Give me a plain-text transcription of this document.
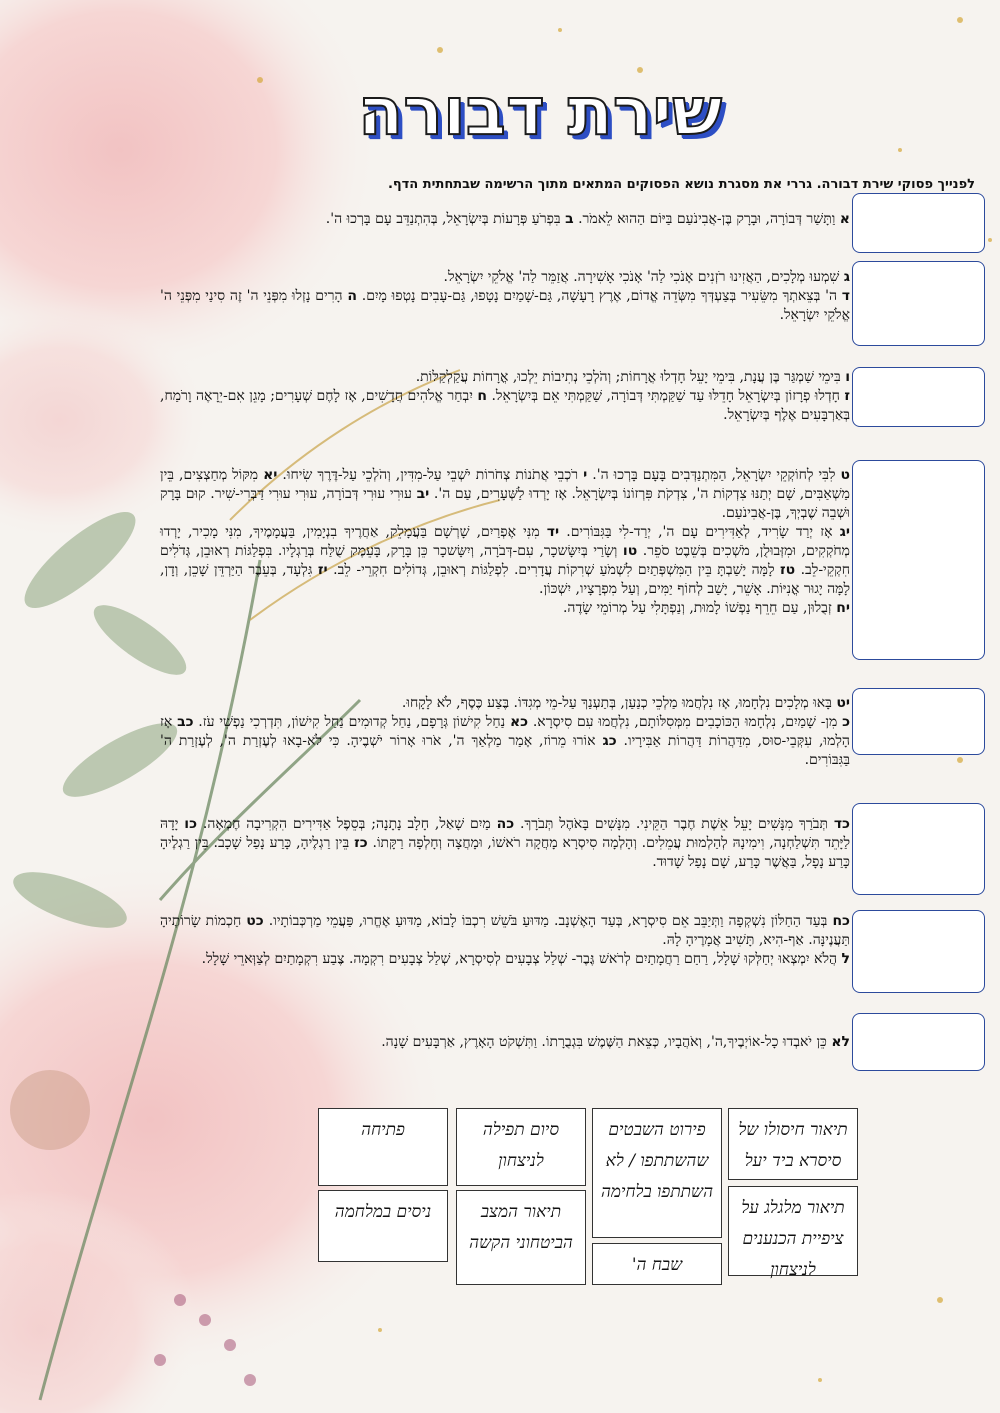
שירת דבורה
לפנייך פסוקי שירת דבורה. גררי את מסגרת נושא הפסוקים המתאים מתוך הרשימה שבתחתית הדף.
א וַתָּשַׁר דְּבוֹרָה, וּבָרָק בֶּן-אֲבִינֹעַם בַּיּוֹם הַהוּא לֵאמֹר. ב בִּפְרֹעַ פְּרָעוֹת בְּיִשְׂרָאֵל, בְּהִתְנַדֵּב עָם בָּרְכוּ ה'.
ג שִׁמְעוּ מְלָכִים, הַאֲזִינוּ רֹזְנִים אָנֹכִי לַה' אָנֹכִי אָשִׁירָה. אֲזַמֵּר לַה' אֱלֹקֵי יִשְׂרָאֵל.
ד ה' בְּצֵאתְךָ מִשֵּׂעִיר בְּצַעְדְּךָ מִשְּׂדֵה אֱדוֹם, אֶרֶץ רָעָשָׁה, גַּם-שָׁמַיִם נָטָפוּ, גַּם-עָבִים נָטְפוּ מָיִם. ה הָרִים נָזְלוּ מִפְּנֵי ה' זֶה סִינַי מִפְּנֵי ה' אֱלֹקֵי יִשְׂרָאֵל.
ו בִּימֵי שַׁמְגַּר בֶּן עֲנָת, בִּימֵי יָעֵל חָדְלוּ אֳרָחוֹת; וְהֹלְכֵי נְתִיבוֹת יֵלְכוּ, אֳרָחוֹת עֲקַלְקַלּוֹת.
ז חָדְלוּ פְרָזוֹן בְּיִשְׂרָאֵל חָדֵלּוּ עַד שַׁקַּמְתִּי דְּבוֹרָה, שַׁקַּמְתִּי אֵם בְּיִשְׂרָאֵל. ח יִבְחַר אֱלֹהִים חֲדָשִׁים, אָז לָחֶם שְׁעָרִים; מָגֵן אִם-יֵרָאֶה וָרֹמַח, בְּאַרְבָּעִים אֶלֶף בְּיִשְׂרָאֵל.
ט לִבִּי לְחוֹקְקֵי יִשְׂרָאֵל, הַמִּתְנַדְּבִים בָּעָם בָּרְכוּ ה'. י רֹכְבֵי אֲתֹנוֹת צְחֹרוֹת יֹשְׁבֵי עַל-מִדִּין, וְהֹלְכֵי עַל-דֶּרֶךְ שִׂיחוּ. יא מִקּוֹל מְחַצְצִים, בֵּין מַשְׁאַבִּים, שָׁם יְתַנּוּ צִדְקוֹת ה', צִדְקֹת פִּרְזוֹנוֹ בְּיִשְׂרָאֵל. אָז יָרְדוּ לַשְּׁעָרִים, עַם ה'. יב עוּרִי עוּרִי דְּבוֹרָה, עוּרִי עוּרִי דַּבְּרִי-שִׁיר. קוּם בָּרָק וּשְׁבֵה שֶׁבְיְךָ, בֶּן-אֲבִינֹעַם.
יג אָז יְרַד שָׂרִיד, לְאַדִּירִים עָם ה', יְרַד-לִי בַּגִּבּוֹרִים. יד מִנִּי אֶפְרַיִם, שָׁרְשָׁם בַּעֲמָלֵק, אַחֲרֶיךָ בִנְיָמִין, בַּעֲמָמֶיךָ, מִנִּי מָכִיר, יָרְדוּ מְחֹקְקִים, וּמִזְּבוּלֻן, מֹשְׁכִים בְּשֵׁבֶט סֹפֵר. טו וְשָׂרַי בְּיִשָּׂשכָר, עִם-דְּבֹרָה, וְיִשָּׂשכָר כֵּן בָּרָק, בָּעֵמֶק שֻׁלַּח בְּרַגְלָיו. בִּפְלַגּוֹת רְאוּבֵן, גְּדֹלִים חִקְקֵי-לֵב. טז לָמָּה יָשַׁבְתָּ בֵּין הַמִּשְׁפְּתַיִם לִשְׁמֹעַ שְׁרִקוֹת עֲדָרִים. לִפְלַגּוֹת רְאוּבֵן, גְּדוֹלִים חִקְרֵי- לֵב. יז גִּלְעָד, בְּעֵבֶר הַיַּרְדֵּן שָׁכֵן, וְדָן, לָמָּה יָגוּר אֳנִיּוֹת. אָשֵׁר, יָשַׁב לְחוֹף יַמִּים, וְעַל מִפְרָצָיו, יִשְׁכּוֹן.
יח זְבֻלוּן, עַם חֵרֵף נַפְשׁוֹ לָמוּת, וְנַפְתָּלִי עַל מְרוֹמֵי שָׂדֶה.
יט בָּאוּ מְלָכִים נִלְחָמוּ, אָז נִלְחֲמוּ מַלְכֵי כְנַעַן, בְּתַעְנַךְ עַל-מֵי מְגִדּוֹ. בֶּצַע כֶּסֶף, לֹא לָקָחוּ.
כ מִן- שָׁמַיִם, נִלְחָמוּ הַכּוֹכָבִים מִמְּסִלּוֹתָם, נִלְחֲמוּ עִם סִיסְרָא. כא נַחַל קִישׁוֹן גְּרָפָם, נַחַל קְדוּמִים נַחַל קִישׁוֹן, תִּדְרְכִי נַפְשִׁי עֹז. כב אָז הָלְמוּ, עִקְּבֵי-סוּס, מִדַּהֲרוֹת דַּהֲרוֹת אַבִּירָיו. כג אוֹרוּ מֵרוֹז, אָמַר מַלְאַךְ ה', אֹרוּ אָרוֹר יֹשְׁבֶיהָ. כִּי לֹא-בָאוּ לְעֶזְרַת ה', לְעֶזְרַת ה' בַּגִּבּוֹרִים.
כד תְּבֹרַךְ מִנָּשִׁים יָעֵל אֵשֶׁת חֶבֶר הַקֵּינִי. מִנָּשִׁים בָּאֹהֶל תְּבֹרָךְ. כה מַיִם שָׁאַל, חָלָב נָתָנָה; בְּסֵפֶל אַדִּירִים הִקְרִיבָה חֶמְאָה. כו יָדָהּ לַיָּתֵד תִּשְׁלַחְנָה, וִימִינָהּ לְהַלְמוּת עֲמֵלִים. וְהָלְמָה סִיסְרָא מָחֲקָה רֹאשׁוֹ, וּמָחֲצָה וְחָלְפָה רַקָּתוֹ. כז בֵּין רַגְלֶיהָ, כָּרַע נָפַל שָׁכָב. בֵּין רַגְלֶיהָ כָּרַע נָפָל, בַּאֲשֶׁר כָּרַע, שָׁם נָפַל שָׁדוּד.
כח בְּעַד הַחַלּוֹן נִשְׁקְפָה וַתְּיַבֵּב אֵם סִיסְרָא, בְּעַד הָאֶשְׁנָב. מַדּוּעַ בֹּשֵׁשׁ רִכְבּוֹ לָבוֹא, מַדּוּעַ אֶחֱרוּ, פַּעֲמֵי מַרְכְּבוֹתָיו. כט חַכְמוֹת שָׂרוֹתֶיהָ תַּעֲנֶינָּה. אַף-הִיא, תָּשִׁיב אֲמָרֶיהָ לָהּ.
ל הֲלֹא יִמְצְאוּ יְחַלְּקוּ שָׁלָל, רַחַם רַחֲמָתַיִם לְרֹאשׁ גֶּבֶר- שְׁלַל צְבָעִים לְסִיסְרָא, שְׁלַל צְבָעִים רִקְמָה. צֶבַע רִקְמָתַיִם לְצַוְּארֵי שָׁלָל.
לא כֵּן יֹאבְדוּ כָל-אוֹיְבֶיךָ,ה', וְאֹהֲבָיו, כְּצֵאת הַשֶּׁמֶשׁ בִּגְבֻרָתוֹ. וַתִּשְׁקֹט הָאָרֶץ, אַרְבָּעִים שָׁנָה.
תיאור חיסולו של סיסרא ביד יעל
פירוט השבטים שהשתתפו / לא השתתפו בלחימה
סיום תפילה לניצחון
פתיחה
תיאור מלגלג על ציפיית הכנענים לניצחון
שבח ה'
תיאור המצב הביטחוני הקשה
ניסים במלחמה
